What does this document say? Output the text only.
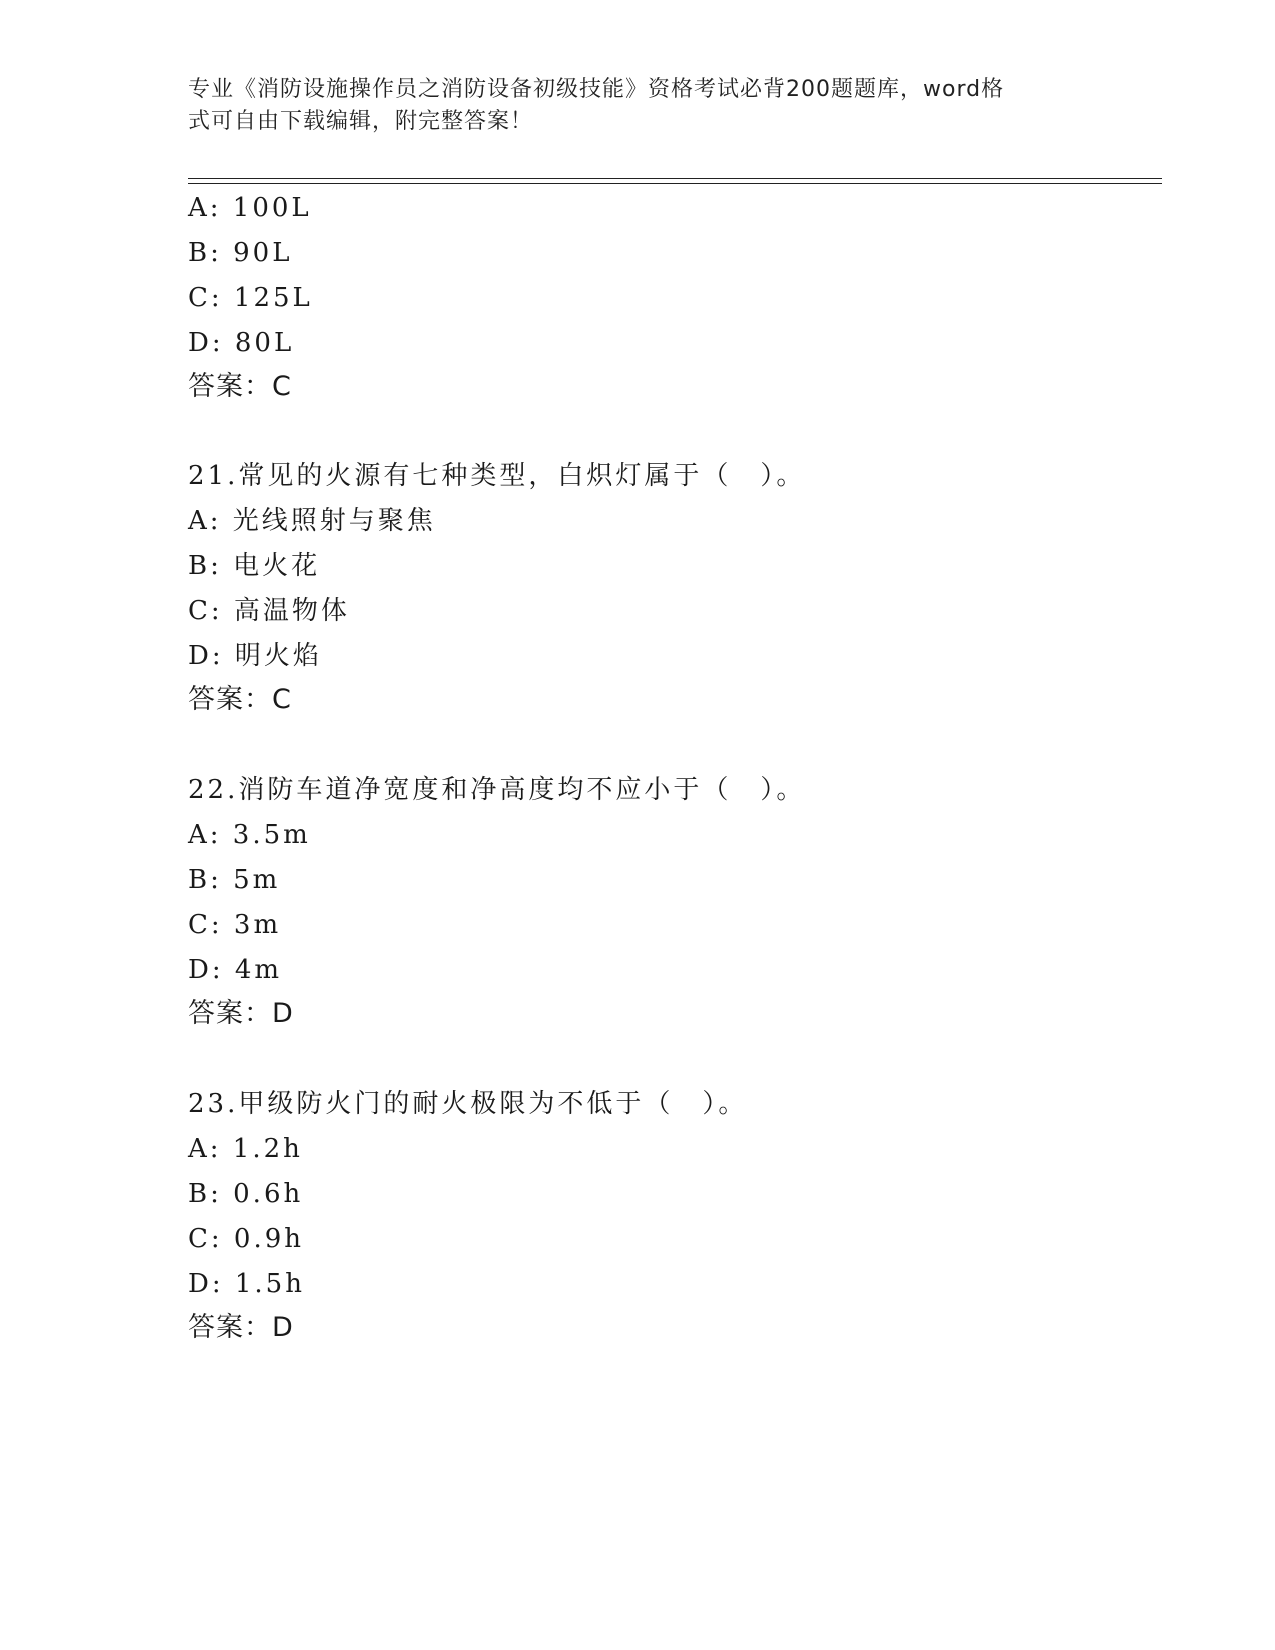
专业《消防设施操作员之消防设备初级技能》资格考试必背200题题库，word格
式可自由下载编辑，附完整答案！
A: 100L
B: 90L
C: 125L
D: 80L
答案：C
21.常见的火源有七种类型，白炽灯属于（　）。
A: 光线照射与聚焦
B: 电火花
C: 高温物体
D: 明火焰
答案：C
22.消防车道净宽度和净高度均不应小于（　）。
A: 3.5m
B: 5m
C: 3m
D: 4m
答案：D
23.甲级防火门的耐火极限为不低于（　）。
A: 1.2h
B: 0.6h
C: 0.9h
D: 1.5h
答案：D
